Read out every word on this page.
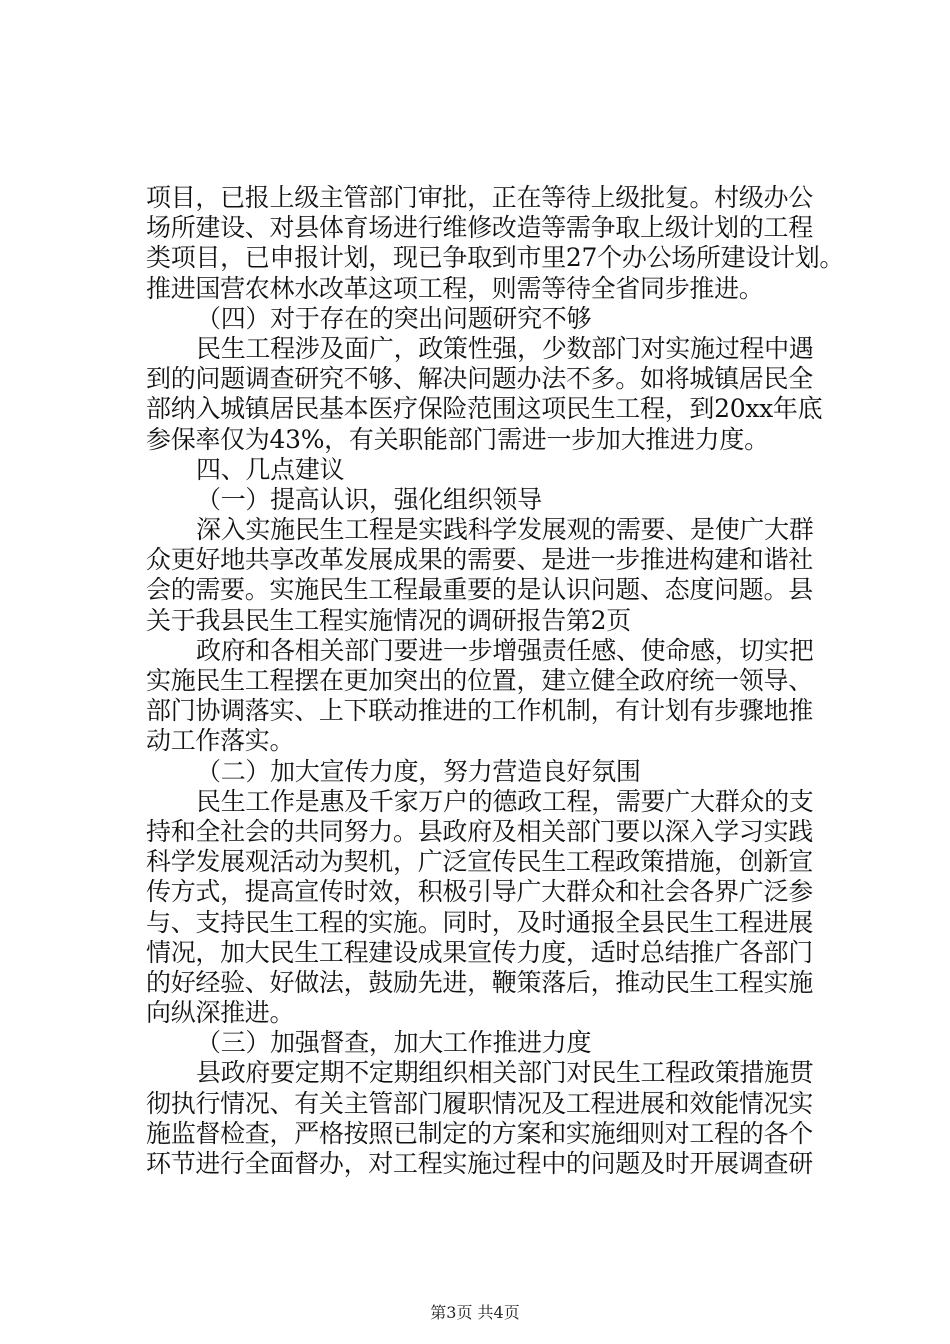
项目，已报上级主管部门审批，正在等待上级批复。村级办公
场所建设、对县体育场进行维修改造等需争取上级计划的工程
类项目，已申报计划，现已争取到市里27个办公场所建设计划。
推进国营农林水改革这项工程，则需等待全省同步推进。
（四）对于存在的突出问题研究不够
民生工程涉及面广，政策性强，少数部门对实施过程中遇
到的问题调查研究不够、解决问题办法不多。如将城镇居民全
部纳入城镇居民基本医疗保险范围这项民生工程，到20xx年底
参保率仅为43%，有关职能部门需进一步加大推进力度。
四、几点建议
（一）提高认识，强化组织领导
深入实施民生工程是实践科学发展观的需要、是使广大群
众更好地共享改革发展成果的需要、是进一步推进构建和谐社
会的需要。实施民生工程最重要的是认识问题、态度问题。县
关于我县民生工程实施情况的调研报告第2页
政府和各相关部门要进一步增强责任感、使命感，切实把
实施民生工程摆在更加突出的位置，建立健全政府统一领导、
部门协调落实、上下联动推进的工作机制，有计划有步骤地推
动工作落实。
（二）加大宣传力度，努力营造良好氛围
民生工作是惠及千家万户的德政工程，需要广大群众的支
持和全社会的共同努力。县政府及相关部门要以深入学习实践
科学发展观活动为契机，广泛宣传民生工程政策措施，创新宣
传方式，提高宣传时效，积极引导广大群众和社会各界广泛参
与、支持民生工程的实施。同时，及时通报全县民生工程进展
情况，加大民生工程建设成果宣传力度，适时总结推广各部门
的好经验、好做法，鼓励先进，鞭策落后，推动民生工程实施
向纵深推进。
（三）加强督查，加大工作推进力度
县政府要定期不定期组织相关部门对民生工程政策措施贯
彻执行情况、有关主管部门履职情况及工程进展和效能情况实
施监督检查，严格按照已制定的方案和实施细则对工程的各个
环节进行全面督办，对工程实施过程中的问题及时开展调查研
第3页 共4页
